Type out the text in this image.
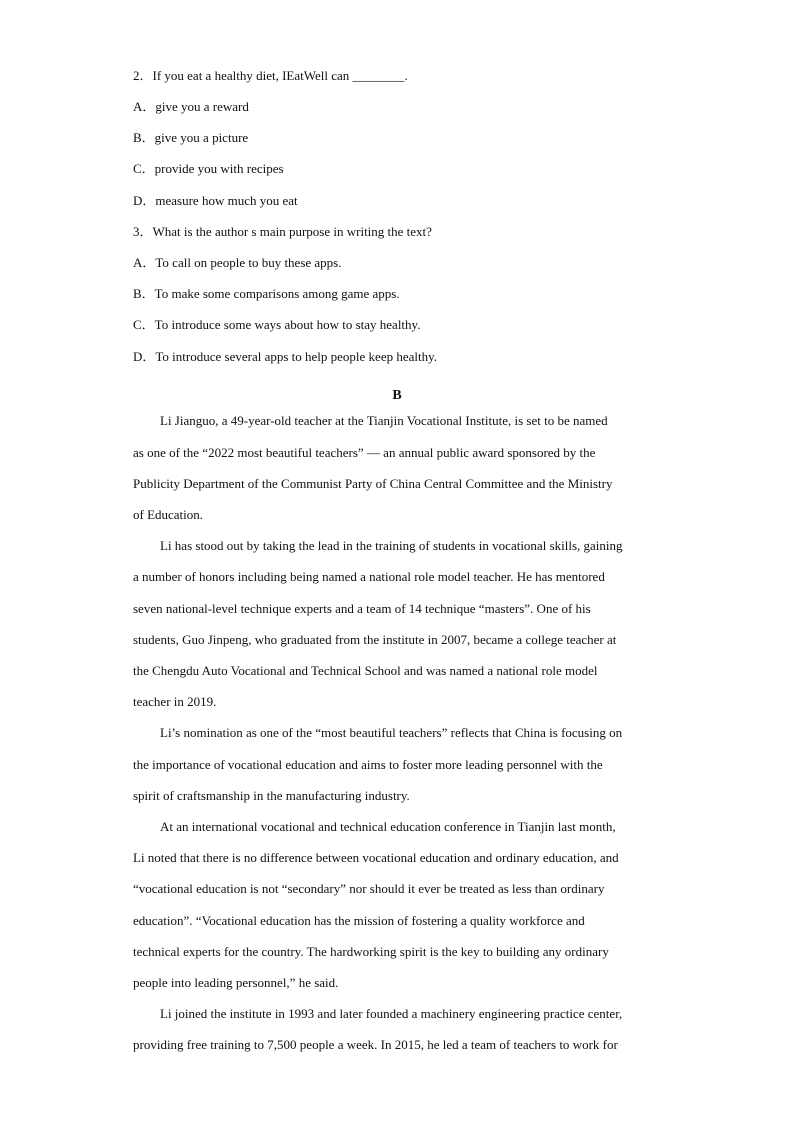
2．If you eat a healthy diet, IEatWell can ________.
A．give you a reward
B．give you a picture
C．provide you with recipes
D．measure how much you eat
3．What is the author s main purpose in writing the text?
A．To call on people to buy these apps.
B．To make some comparisons among game apps.
C．To introduce some ways about how to stay healthy.
D．To introduce several apps to help people keep healthy.
B
Li Jianguo, a 49-year-old teacher at the Tianjin Vocational Institute, is set to be named
as one of the “2022 most beautiful teachers” — an annual public award sponsored by the
Publicity Department of the Communist Party of China Central Committee and the Ministry
of Education.
Li has stood out by taking the lead in the training of students in vocational skills, gaining
a number of honors including being named a national role model teacher. He has mentored
seven national-level technique experts and a team of 14 technique “masters”. One of his
students, Guo Jinpeng, who graduated from the institute in 2007, became a college teacher at
the Chengdu Auto Vocational and Technical School and was named a national role model
teacher in 2019.
Li’s nomination as one of the “most beautiful teachers” reflects that China is focusing on
the importance of vocational education and aims to foster more leading personnel with the
spirit of craftsmanship in the manufacturing industry.
At an international vocational and technical education conference in Tianjin last month,
Li noted that there is no difference between vocational education and ordinary education, and
“vocational education is not “secondary” nor should it ever be treated as less than ordinary
education”. “Vocational education has the mission of fostering a quality workforce and
technical experts for the country. The hardworking spirit is the key to building any ordinary
people into leading personnel,” he said.
Li joined the institute in 1993 and later founded a machinery engineering practice center,
providing free training to 7,500 people a week. In 2015, he led a team of teachers to work for
